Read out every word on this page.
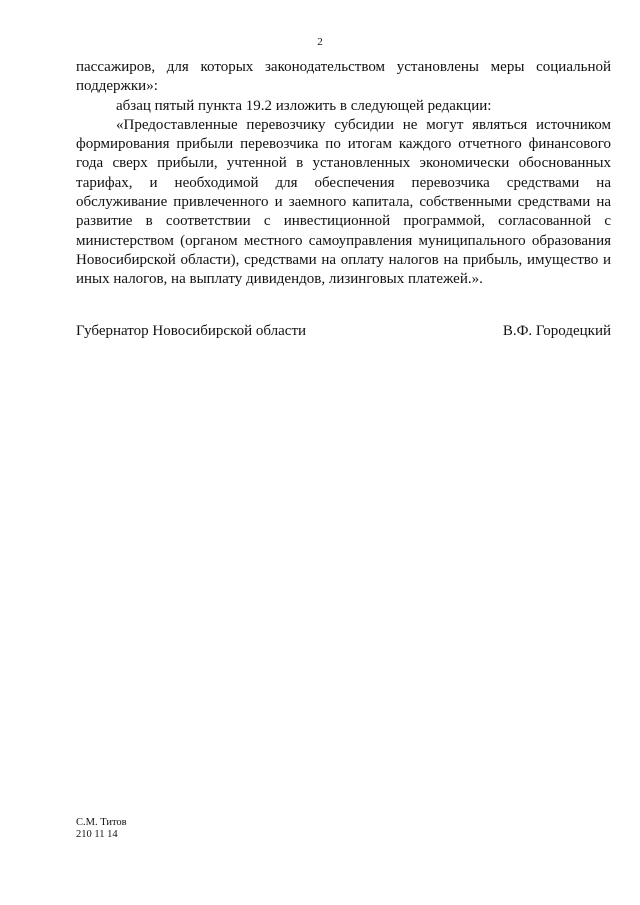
2

пассажиров, для которых законодательством установлены меры социальной поддержки»:

абзац пятый пункта 19.2 изложить в следующей редакции:

«Предоставленные перевозчику субсидии не могут являться источником формирования прибыли перевозчика по итогам каждого отчетного финансового года сверх прибыли, учтенной в установленных экономически обоснованных тарифах, и необходимой для обеспечения перевозчика средствами на обслуживание привлеченного и заемного капитала, собственными средствами на развитие в соответствии с инвестиционной программой, согласованной с министерством (органом местного самоуправления муниципального образования Новосибирской области), средствами на оплату налогов на прибыль, имущество и иных налогов, на выплату дивидендов, лизинговых платежей.».

Губернатор Новосибирской области	В.Ф. Городецкий
С.М. Титов
210 11 14
